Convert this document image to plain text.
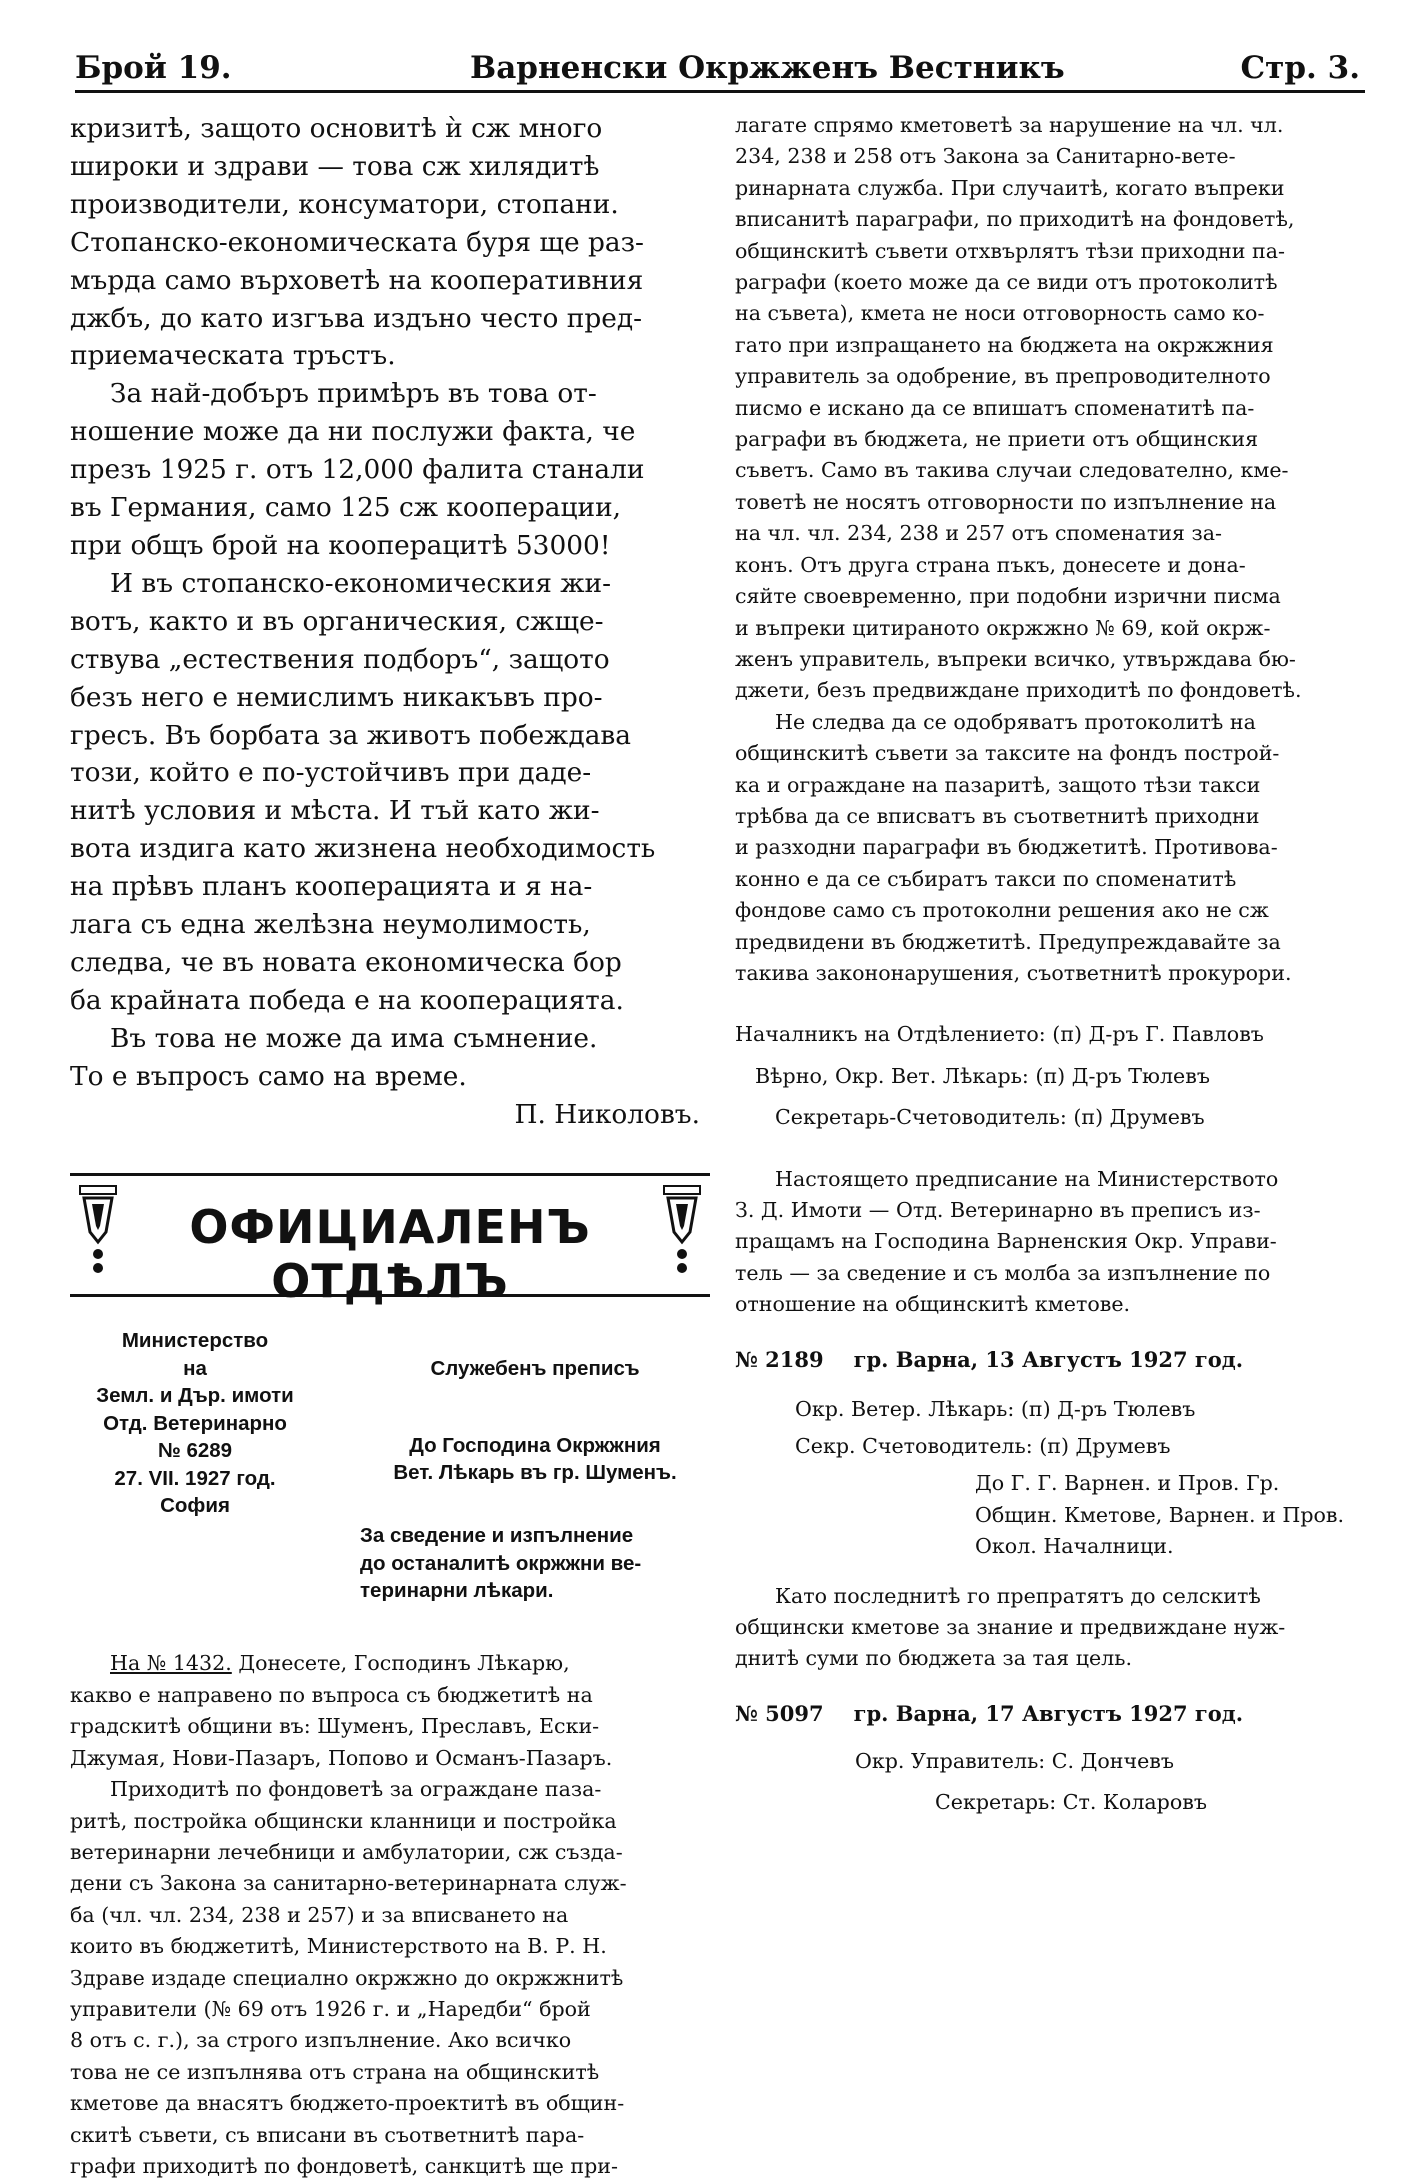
Брой 19.	Варненски Окржженъ Вестникъ	Стр. 3.

кризитѣ, защото основитѣ ѝ сж много
широки и здрави — това сж хилядитѣ
производители, консуматори, стопани.
Стопанско-економическата буря ще раз-
мърда само върховетѣ на кооперативния
джбъ, до като изгъва издъно често пред-
приемаческата тръстъ.

За най-добъръ примѣръ въ това от-
ношение може да ни послужи факта, че
презъ 1925 г. отъ 12,000 фалита станали
въ Германия, само 125 сж кооперации,
при общъ брой на кооперацитѣ 53000!

И въ стопанско-економическия жи-
вотъ, както и въ органическия, сжще-
ствува „естествения подборъ“, защото
безъ него е немислимъ никакъвъ про-
гресъ. Въ борбата за животъ побеждава
този, който е по-устойчивъ при даде-
нитѣ условия и мѣста. И тъй като жи-
вота издига като жизнена необходимость
на прѣвъ планъ кооперацията и я на-
лага съ една желѣзна неумолимость,
следва, че въ новата економическа бор
ба крайната победа е на кооперацията.

Въ това не може да има съмнение.
То е въпросъ само на време.

П. Николовъ.

ОФИЦИАЛЕНЪ ОТДѢЛЪ
Министерство
на
Земл. и Дър. имоти
Отд. Ветеринарно
№ 6289
27. VII. 1927 год.
София

Служебенъ преписъ

До Господина Окржжния
Вет. Лѣкарь въ гр. Шуменъ.

За сведение и изпълнение
до останалитѣ окржжни ве-
теринарни лѣкари.

На № 1432. Донесете, Господинъ Лѣкарю,
какво е направено по въпроса съ бюджетитѣ на
градскитѣ общини въ: Шуменъ, Преславъ, Ески-
Джумая, Нови-Пазаръ, Попово и Османъ-Пазаръ.

Приходитѣ по фондоветѣ за ограждане паза-
ритѣ, постройка общински кланници и постройка
ветеринарни лечебници и амбулатории, сж създа-
дени съ Закона за санитарно-ветеринарната служ-
ба (чл. чл. 234, 238 и 257) и за вписването на
които въ бюджетитѣ, Министерството на В. Р. Н.
Здраве издаде специално окржжно до окржжнитѣ
управители (№ 69 отъ 1926 г. и „Наредби“ брой
8 отъ с. г.), за строго изпълнение. Ако всичко
това не се изпълнява отъ страна на общинскитѣ
кметове да внасятъ бюджето-проектитѣ въ общин-
скитѣ съвети, съ вписани въ съответнитѣ пара-
графи приходитѣ по фондоветѣ, санкцитѣ ще при-

лагате спрямо кметоветѣ за нарушение на чл. чл.
234, 238 и 258 отъ Закона за Санитарно-вете-
ринарната служба. При случаитѣ, когато въпреки
вписанитѣ параграфи, по приходитѣ на фондоветѣ,
общинскитѣ съвети отхвърлятъ тѣзи приходни па-
раграфи (което може да се види отъ протоколитѣ
на съвета), кмета не носи отговорность само ко-
гато при изпращането на бюджета на окржжния
управитель за одобрение, въ препроводителното
писмо е искано да се впишатъ споменатитѣ па-
раграфи въ бюджета, не приети отъ общинския
съветъ. Само въ такива случаи следователно, кме-
товетѣ не носятъ отговорности по изпълнение на
на чл. чл. 234, 238 и 257 отъ споменатия за-
конъ. Отъ друга страна пъкъ, донесете и дона-
сяйте своевременно, при подобни изрични писма
и въпреки цитираното окржжно № 69, кой окрж-
женъ управитель, въпреки всичко, утвърждава бю-
джети, безъ предвиждане приходитѣ по фондоветѣ.

Не следва да се одобряватъ протоколитѣ на
общинскитѣ съвети за таксите на фондъ построй-
ка и ограждане на пазаритѣ, защото тѣзи такси
трѣбва да се вписватъ въ съответнитѣ приходни
и разходни параграфи въ бюджетитѣ. Противова-
конно е да се събиратъ такси по споменатитѣ
фондове само съ протоколни решения ако не сж
предвидени въ бюджетитѣ. Предупреждавайте за
такива закононарушения, съответнитѣ прокурори.

Началникъ на Отдѣлението: (п) Д-ръ Г. Павловъ

Вѣрно, Окр. Вет. Лѣкарь: (п) Д-ръ Тюлевъ

Секретарь-Счетоводитель: (п) Друмевъ

Настоящето предписание на Министерството
З. Д. Имоти — Отд. Ветеринарно въ преписъ из-
пращамъ на Господина Варненския Окр. Управи-
тель — за сведение и съ молба за изпълнение по
отношение на общинскитѣ кметове.

№ 2189 гр. Варна, 13 Августъ 1927 год.

Окр. Ветер. Лѣкарь: (п) Д-ръ Тюлевъ

Секр. Счетоводитель: (п) Друмевъ

До Г. Г. Варнен. и Пров. Гр.
Общин. Кметове, Варнен. и Пров.
Окол. Началници.

Като последнитѣ го препратятъ до селскитѣ
общински кметове за знание и предвиждане нуж-
днитѣ суми по бюджета за тая цель.

№ 5097 гр. Варна, 17 Августъ 1927 год.

Окр. Управитель: С. Дончевъ

Секретарь: Ст. Коларовъ
